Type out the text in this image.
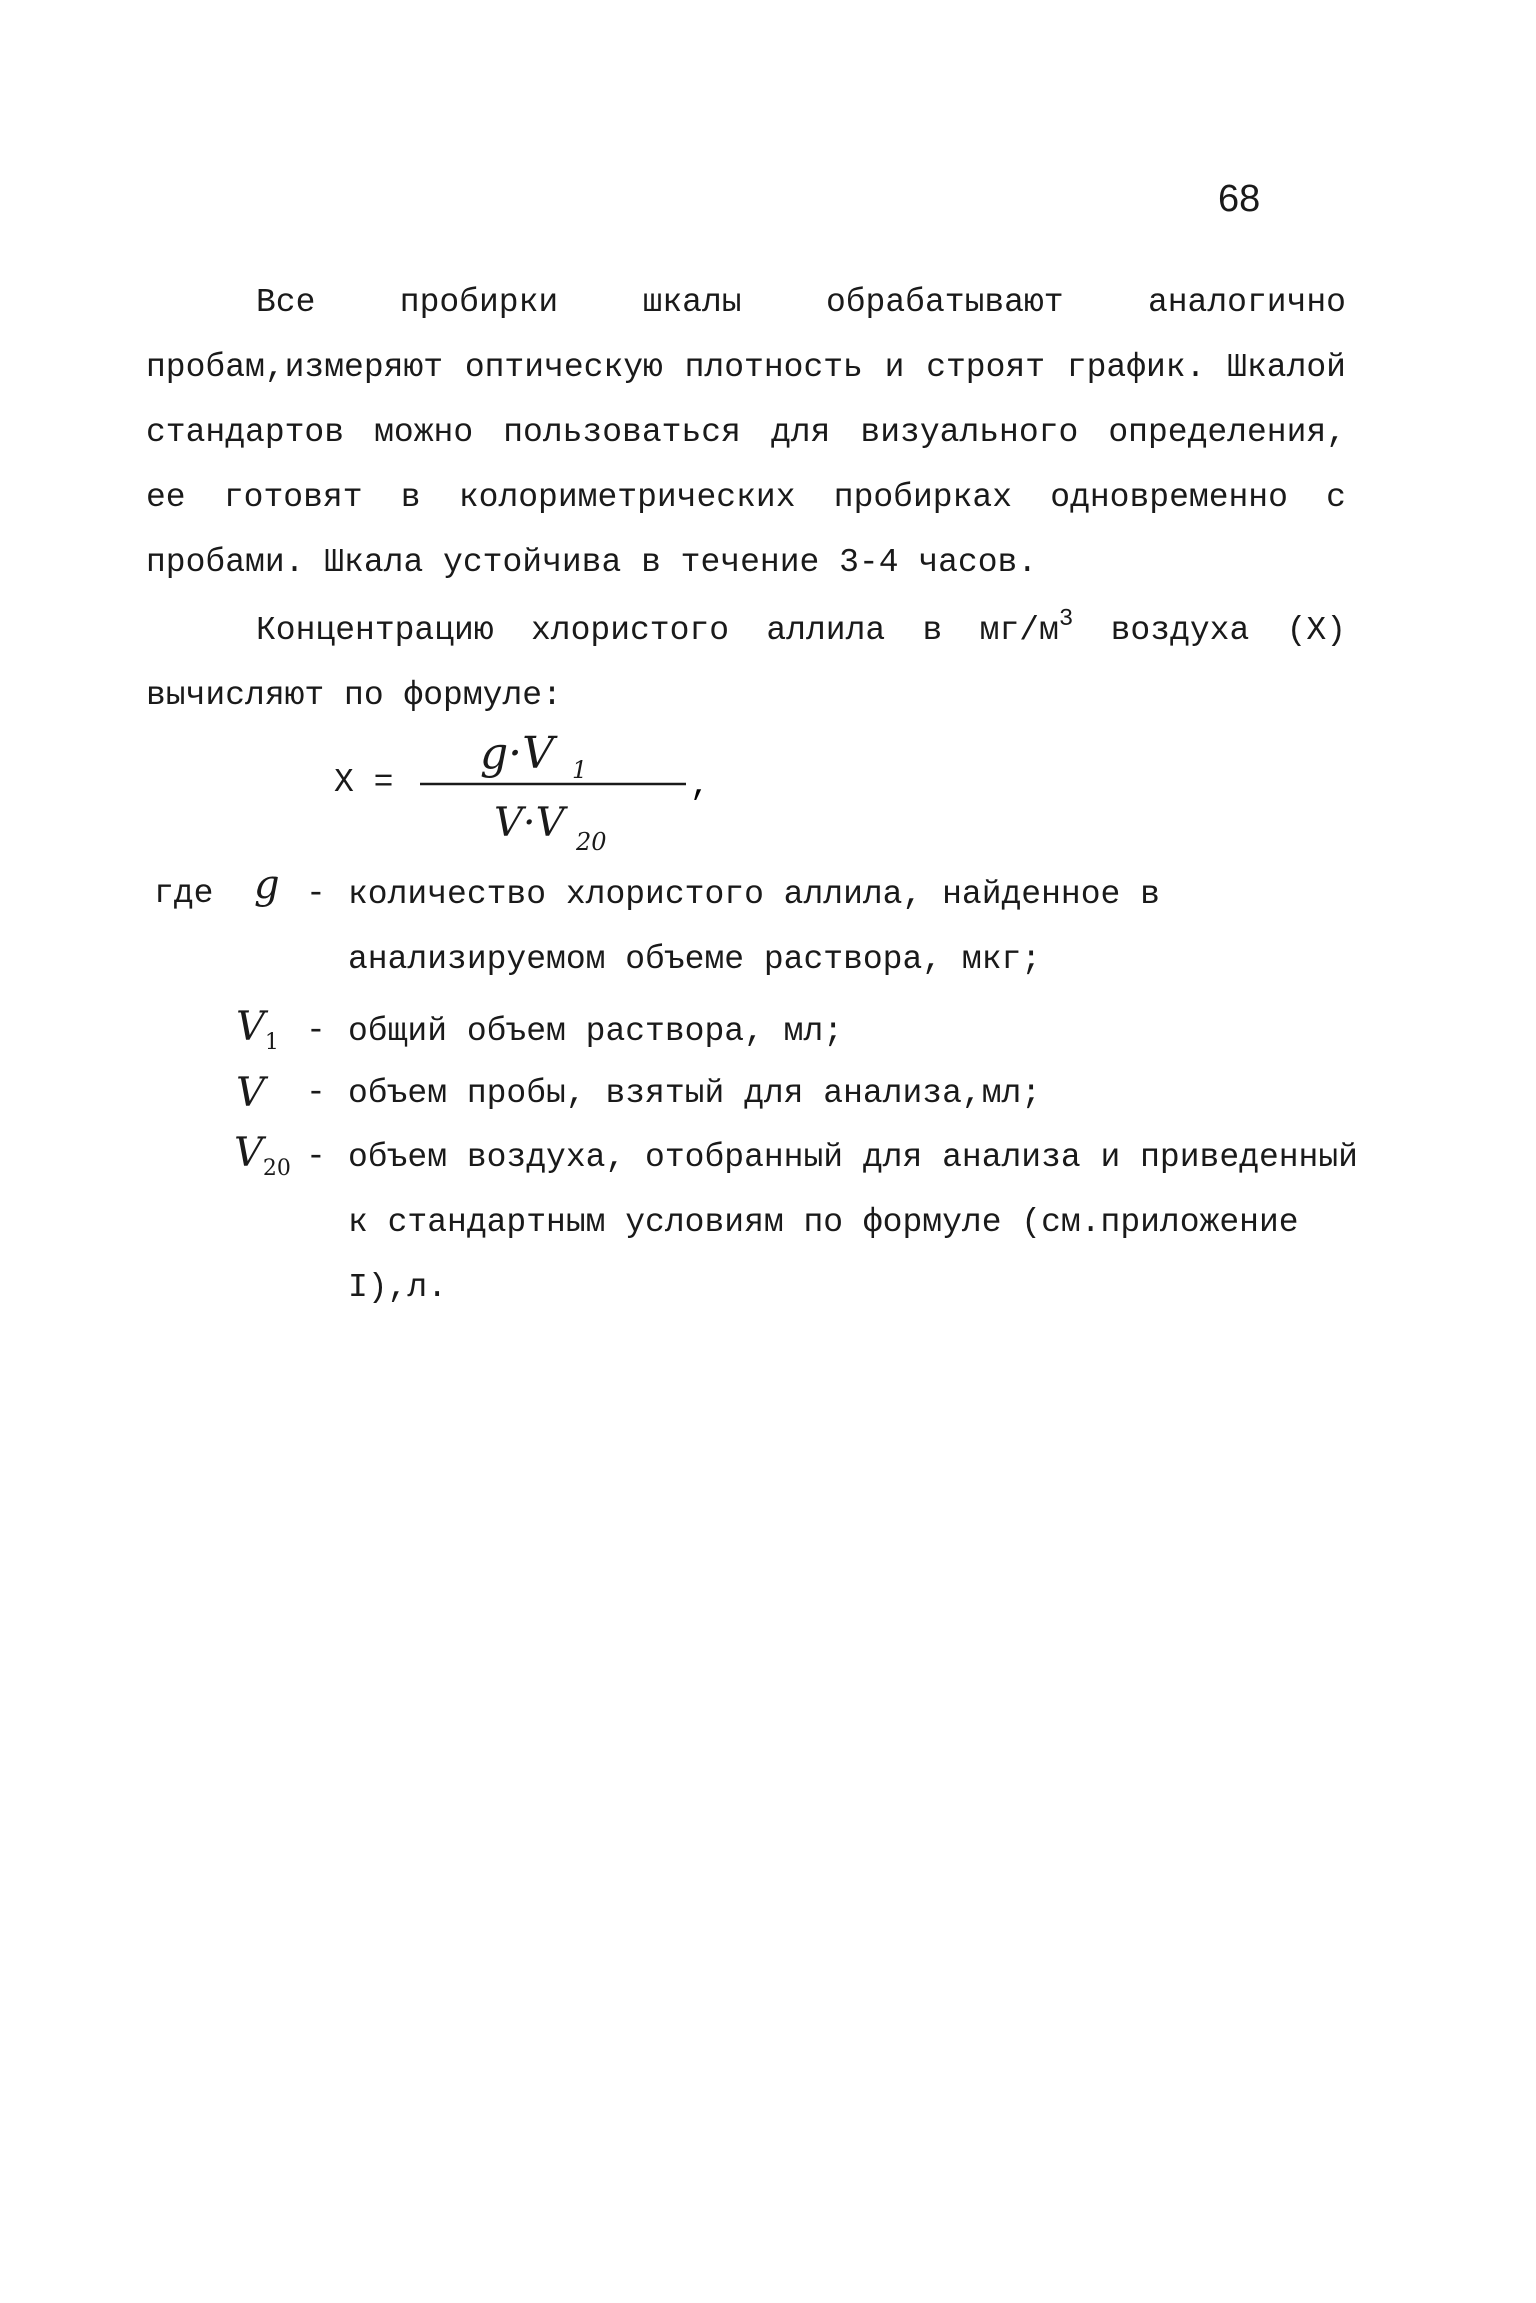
68
Все пробирки шкалы обрабатывают аналогично пробам,измеряют оптическую плотность и строят график. Шкалой стандартов можно пользоваться для визуального определения, ее готовят в колориметрических пробирках одновременно с пробами. Шкала устойчива в течение 3-4 часов.
Концентрацию хлористого аллила в $мг/м^3$ воздуха (X) вычисляют по формуле:
X =
g·V 1	,
V·V 20
где g - количество хлористого аллила, найденное в анализируемом объеме раствора, мкг;
$V_1$ - общий объем раствора, мл;
V - объем пробы, взятый для анализа,мл;
$V_{20}$ - объем воздуха, отобранный для анализа и приведенный к стандартным условиям по формуле (см.приложение I),л.
